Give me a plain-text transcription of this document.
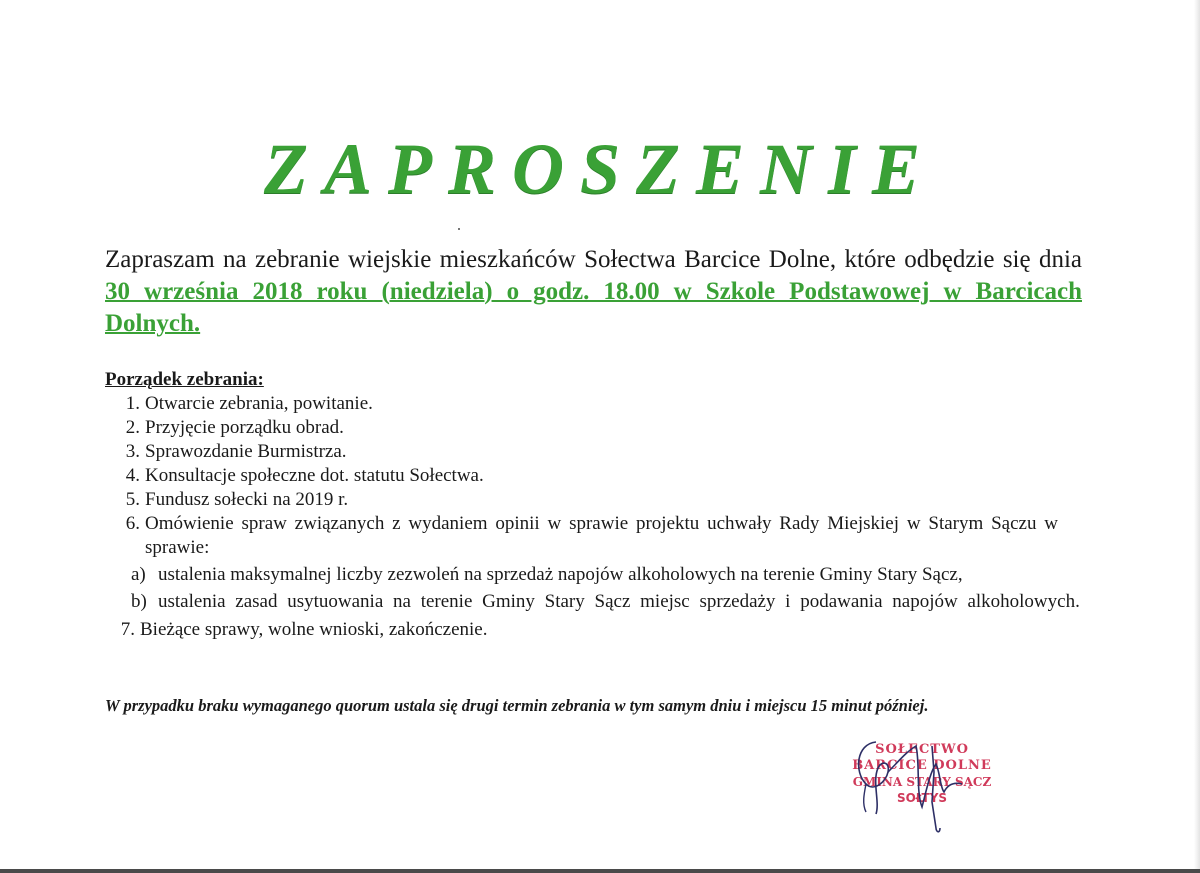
ZAPROSZENIE

Zapraszam na zebranie wiejskie mieszkańców Sołectwa Barcice Dolne, które odbędzie się dnia 30 września 2018 roku (niedziela) o godz. 18.00 w Szkole Podstawowej w Barcicach Dolnych.

Porządek zebrania:
1. Otwarcie zebrania, powitanie.
2. Przyjęcie porządku obrad.
3. Sprawozdanie Burmistrza.
4. Konsultacje społeczne dot. statutu Sołectwa.
5. Fundusz sołecki na 2019 r.
6. Omówienie spraw związanych z wydaniem opinii w sprawie projektu uchwały Rady Miejskiej w Starym Sączu w sprawie:
a) ustalenia maksymalnej liczby zezwoleń na sprzedaż napojów alkoholowych na terenie Gminy Stary Sącz,
b) ustalenia zasad usytuowania na terenie Gminy Stary Sącz miejsc sprzedaży i podawania napojów alkoholowych.
7. Bieżące sprawy, wolne wnioski, zakończenie.
W przypadku braku wymaganego quorum ustala się drugi termin zebrania w tym samym dniu i miejscu 15 minut później.
SOŁECTWO
BARCICE DOLNE
GMINA STARY SĄCZ
SOŁTYS
